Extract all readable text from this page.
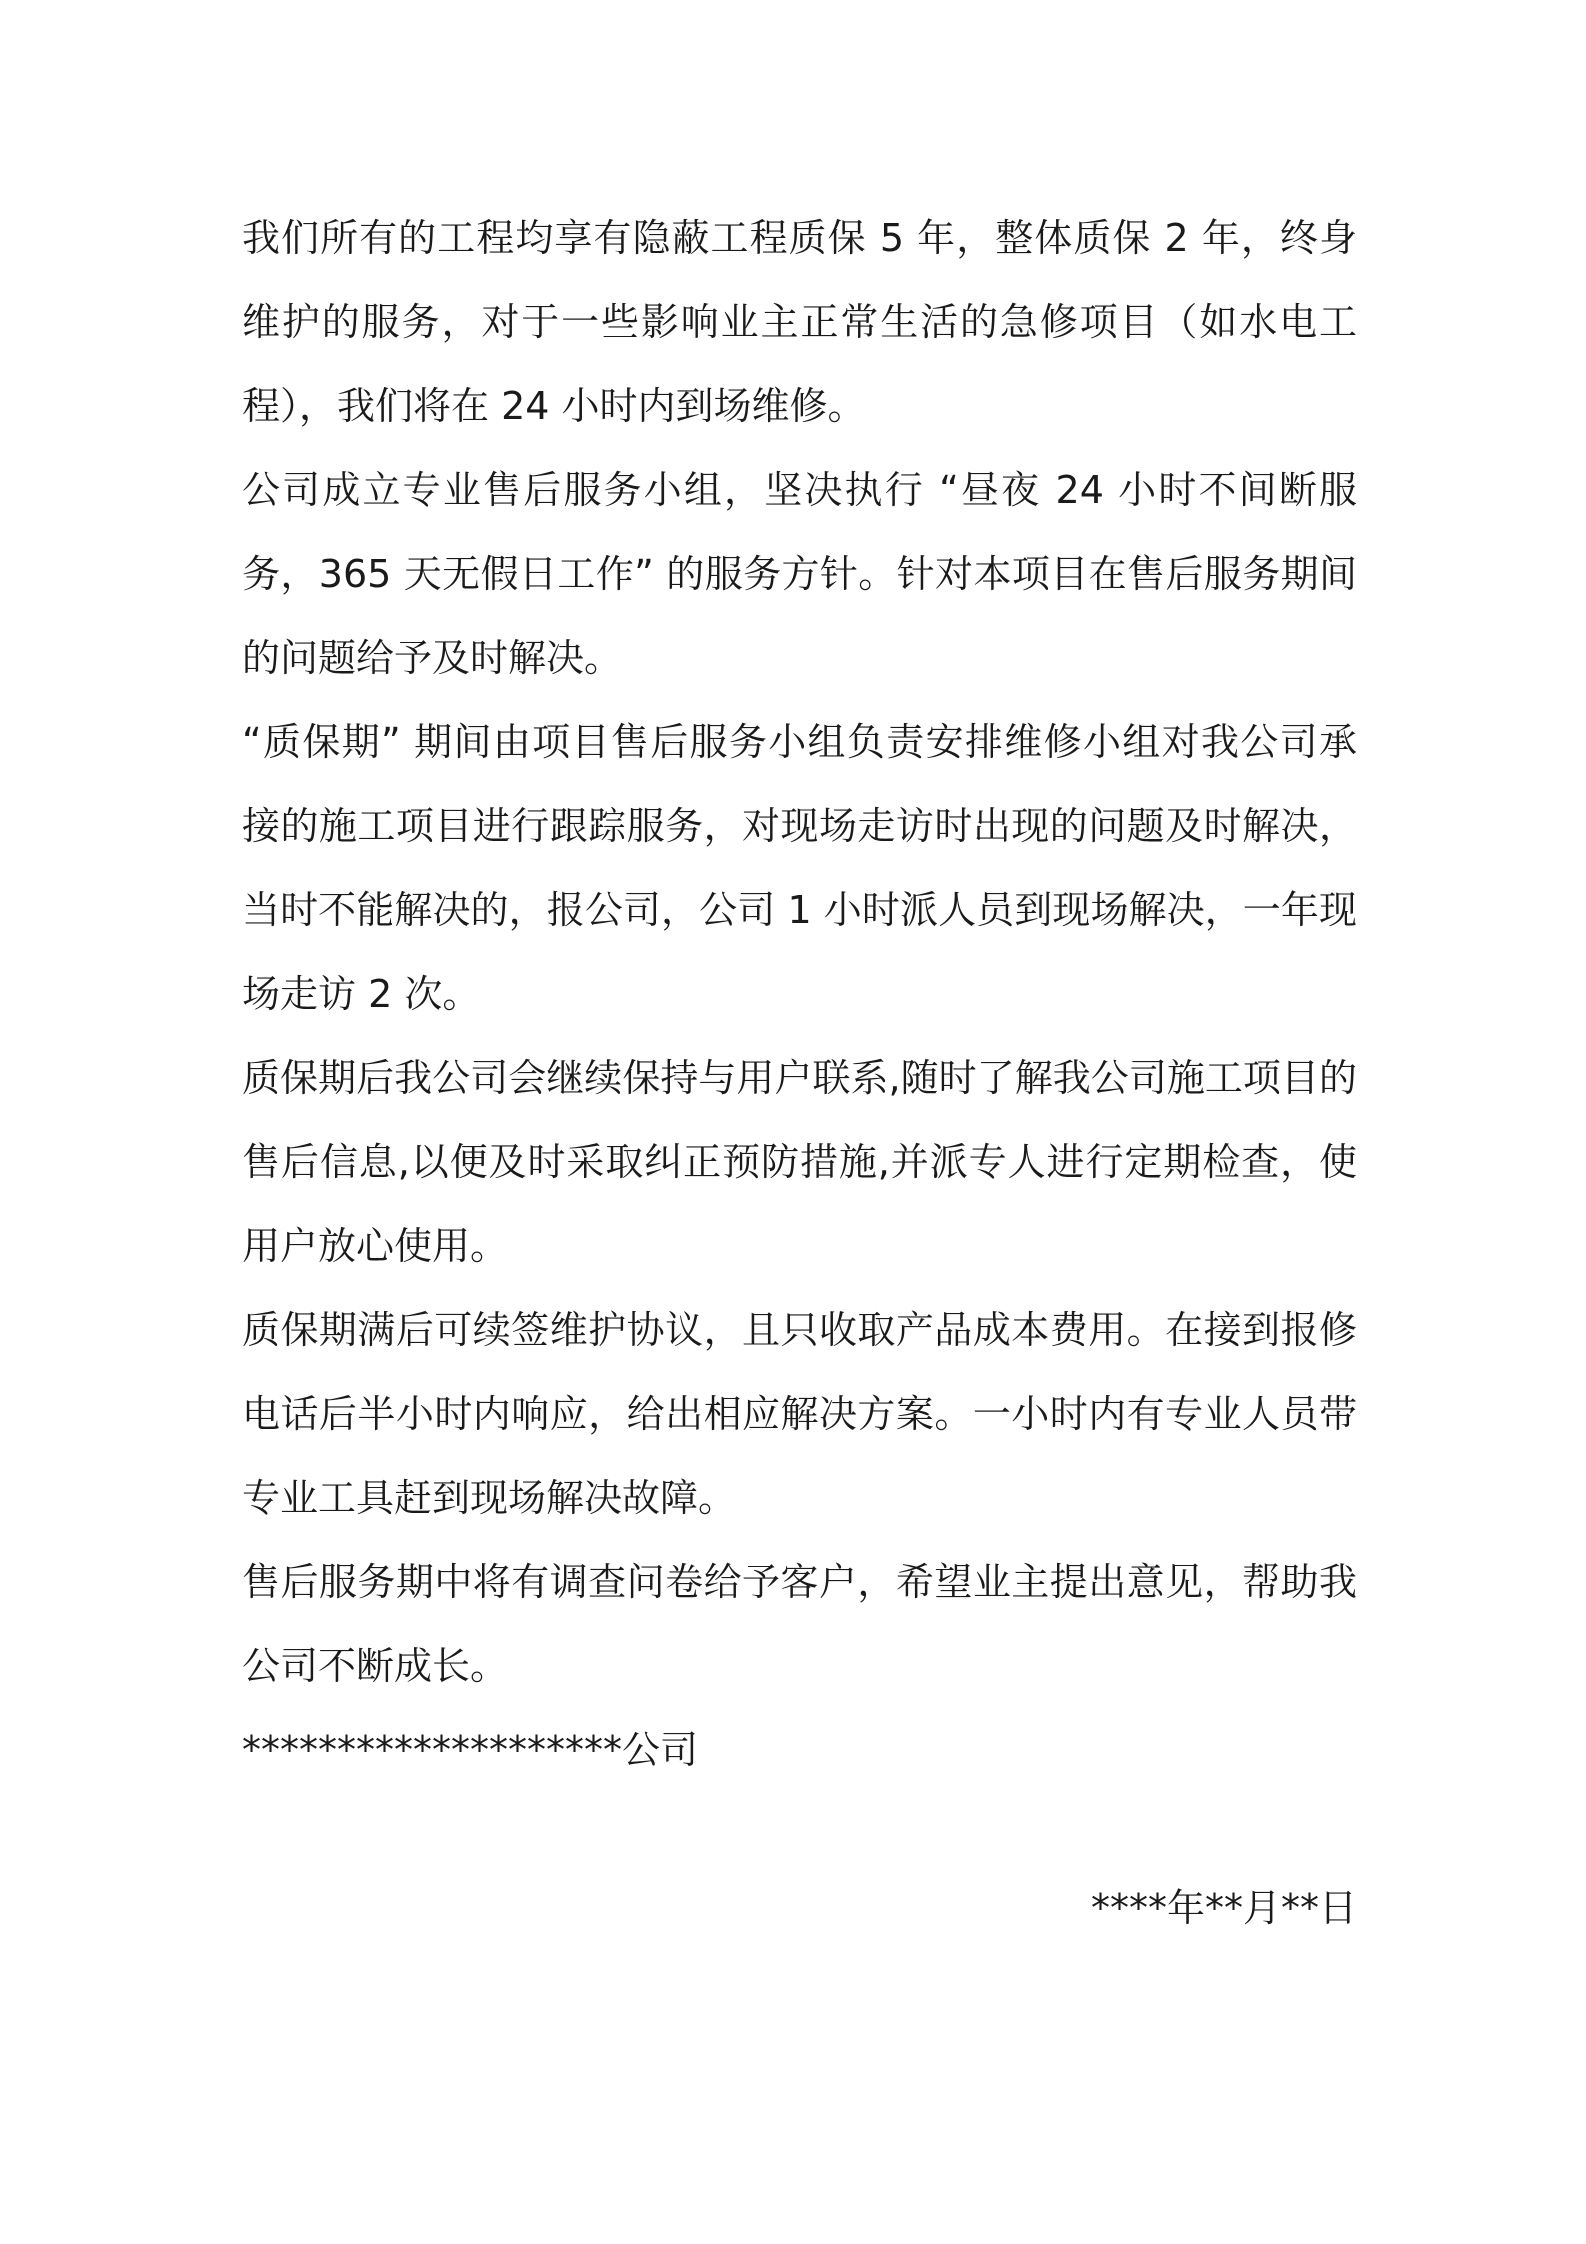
我们所有的工程均享有隐蔽工程质保 5 年，整体质保 2 年，终身维护的服务，对于一些影响业主正常生活的急修项目（如水电工程），我们将在 24 小时内到场维修。

公司成立专业售后服务小组，坚决执行 “昼夜 24 小时不间断服务，365 天无假日工作” 的服务方针。针对本项目在售后服务期间的问题给予及时解决。

“质保期” 期间由项目售后服务小组负责安排维修小组对我公司承接的施工项目进行跟踪服务，对现场走访时出现的问题及时解决，当时不能解决的，报公司，公司 1 小时派人员到现场解决，一年现场走访 2 次。

质保期后我公司会继续保持与用户联系,随时了解我公司施工项目的售后信息,以便及时采取纠正预防措施,并派专人进行定期检查，使用户放心使用。

质保期满后可续签维护协议，且只收取产品成本费用。在接到报修电话后半小时内响应，给出相应解决方案。一小时内有专业人员带专业工具赶到现场解决故障。

售后服务期中将有调查问卷给予客户，希望业主提出意见，帮助我公司不断成长。

********************公司

****年**月**日
